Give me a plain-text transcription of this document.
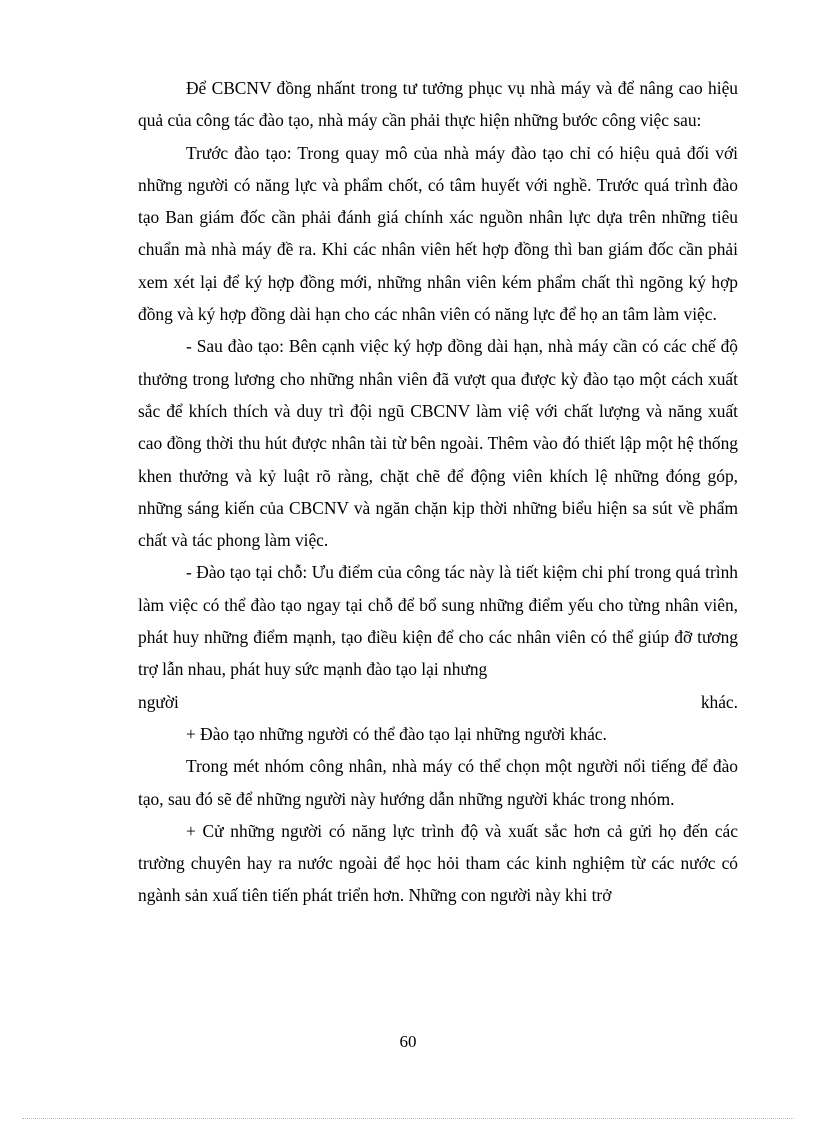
Để CBCNV đồng nhấnt trong tư tưởng phục vụ nhà máy và để nâng cao hiệu quả của công tác đào tạo, nhà máy cần phải thực hiện những bước công việc sau:

Trước đào tạo: Trong quay mô của nhà máy đào tạo chỉ có hiệu quả đối với những người có năng lực và phẩm chốt, có tâm huyết với nghề. Trước quá trình đào tạo Ban giám đốc cần phải đánh giá chính xác nguồn nhân lực dựa trên những tiêu chuẩn mà nhà máy đề ra. Khi các nhân viên hết hợp đồng thì ban giám đốc cần phải xem xét lại để ký hợp đồng mới, những nhân viên kém phẩm chất thì ngõng ký hợp đồng và ký hợp đồng dài hạn cho các nhân viên có năng lực để họ an tâm làm việc.

- Sau đào tạo: Bên cạnh việc ký hợp đồng dài hạn, nhà máy cần có các chế độ thưởng trong lương cho những nhân viên đã vượt qua được kỳ đào tạo một cách xuất sắc để khích thích và duy trì đội ngũ CBCNV làm việ với chất lượng và năng xuất cao đồng thời thu hút được nhân tài từ bên ngoài. Thêm vào đó thiết lập một hệ thống khen thưởng và kỷ luật rõ ràng, chặt chẽ để động viên khích lệ những đóng góp, những sáng kiến của CBCNV và ngăn chặn kịp thời những biểu hiện sa sút về phẩm chất và tác phong làm việc.

- Đào tạo tại chỗ: Ưu điểm của công tác này là tiết kiệm chi phí trong quá trình làm việc có thể đào tạo ngay tại chỗ để bổ sung những điểm yếu cho từng nhân viên, phát huy những điểm mạnh, tạo điều kiện để cho các nhân viên có thể giúp đỡ tương trợ lẫn nhau, phát huy sức mạnh đào tạo lại nhưng

người	khác.

+ Đào tạo những người có thể đào tạo lại những người khác.

Trong mét nhóm công nhân, nhà máy có thể chọn một người nổi tiếng để đào tạo, sau đó sẽ để những người này hướng dẫn những người khác trong nhóm.

+ Cử những người có năng lực trình độ và xuất sắc hơn cả gửi họ đến các trường chuyên hay ra nước ngoài để học hỏi tham các kinh nghiệm từ các nước có ngành sản xuấ tiên tiến phát triển hơn. Những con người này khi trở

60
